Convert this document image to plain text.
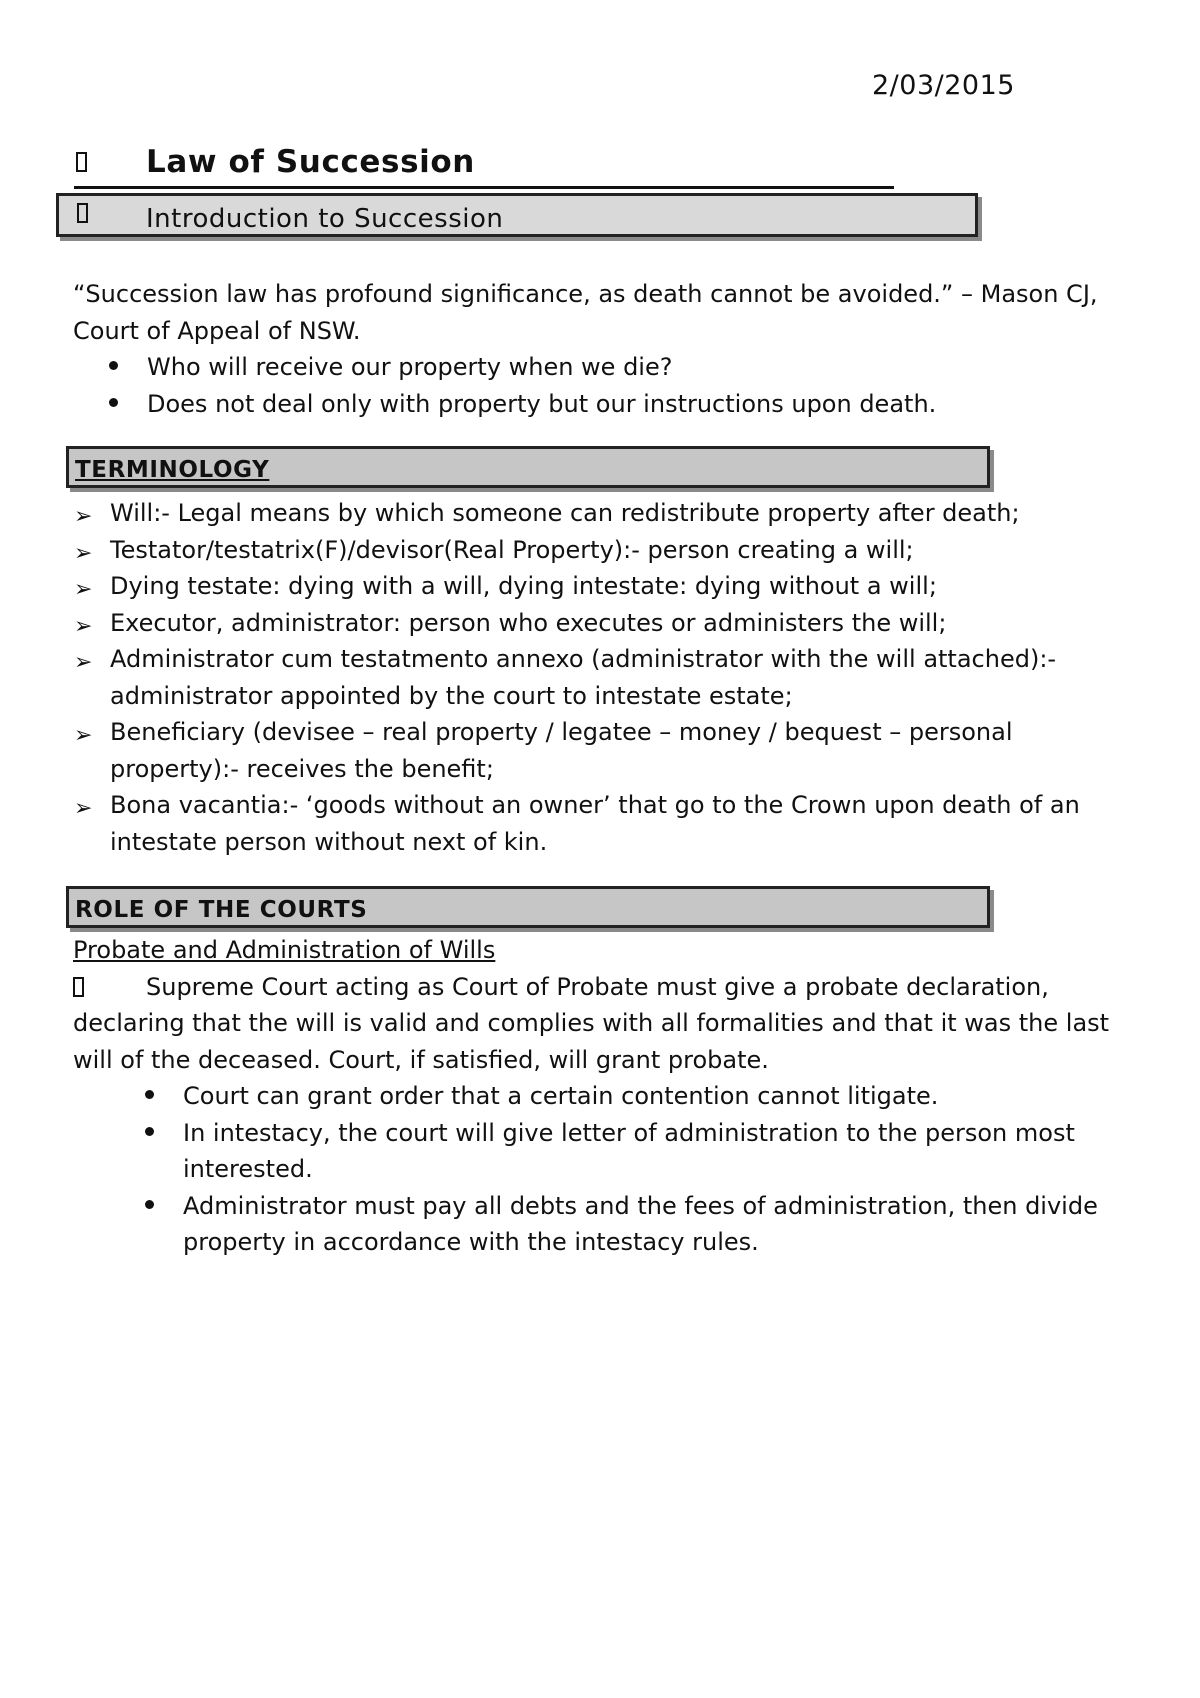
2/03/2015
Law of Succession
Introduction to Succession
“Succession law has profound significance, as death cannot be avoided.” – Mason CJ,
Court of Appeal of NSW.
Who will receive our property when we die?
Does not deal only with property but our instructions upon death.
TERMINOLOGY
➢ Will:- Legal means by which someone can redistribute property after death;
➢ Testator/testatrix(F)/devisor(Real Property):- person creating a will;
➢ Dying testate: dying with a will, dying intestate: dying without a will;
➢ Executor, administrator: person who executes or administers the will;
➢ Administrator cum testatmento annexo (administrator with the will attached):-
administrator appointed by the court to intestate estate;
➢ Beneficiary (devisee – real property / legatee – money / bequest – personal
property):- receives the benefit;
➢ Bona vacantia:- ‘goods without an owner’ that go to the Crown upon death of an
intestate person without next of kin.
ROLE OF THE COURTS
Probate and Administration of Wills
Supreme Court acting as Court of Probate must give a probate declaration,
declaring that the will is valid and complies with all formalities and that it was the last
will of the deceased. Court, if satisfied, will grant probate.
Court can grant order that a certain contention cannot litigate.
In intestacy, the court will give letter of administration to the person most
interested.
Administrator must pay all debts and the fees of administration, then divide
property in accordance with the intestacy rules.
